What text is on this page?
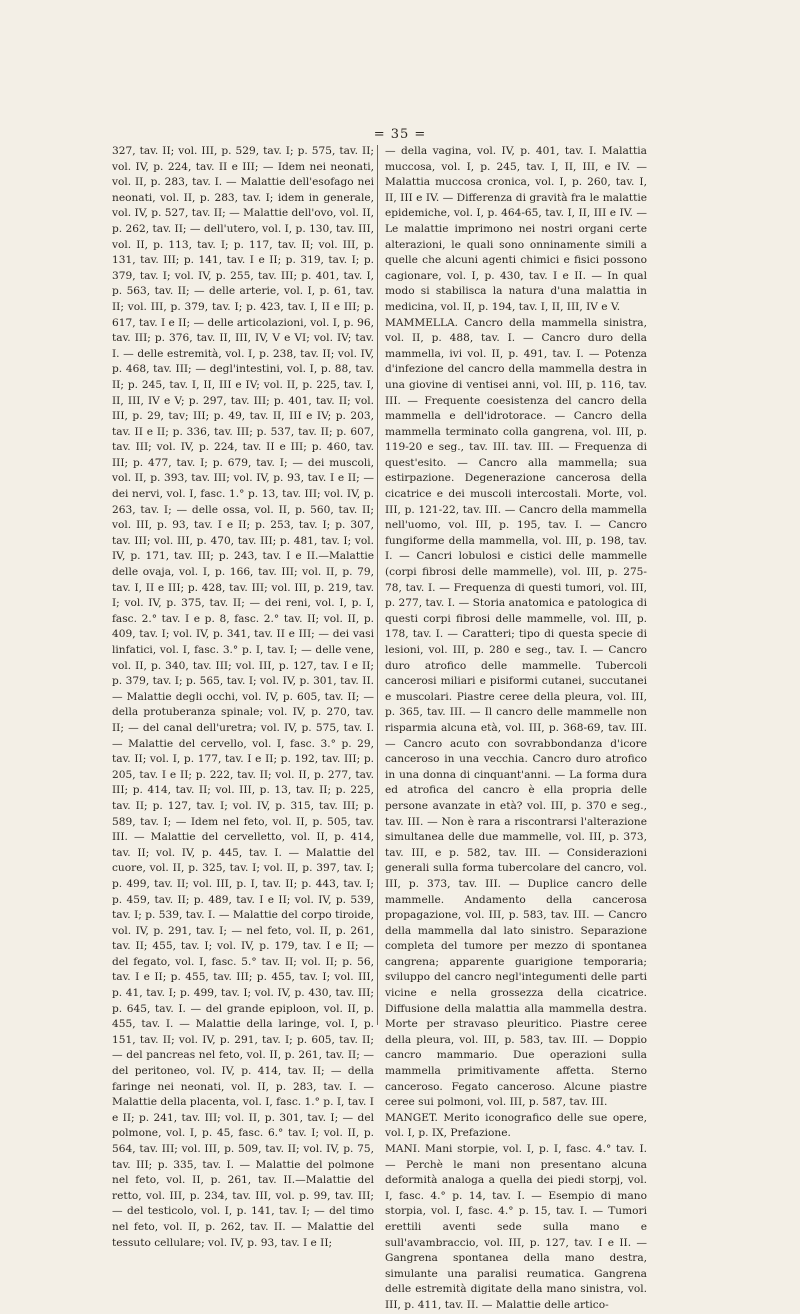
= 35 =

327, tav. II; vol. III, p. 529, tav. I; p. 575, tav. II; vol. IV, p. 224, tav. II e III; — Idem nei neonati, vol. II, p. 283, tav. I. — Malattie dell'esofago nei neonati, vol. II, p. 283, tav. I; idem in generale, vol. IV, p. 527, tav. II; — Malattie dell'ovo, vol. II, p. 262, tav. II; — dell'utero, vol. I, p. 130, tav. III, vol. II, p. 113, tav. I; p. 117, tav. II; vol. III, p. 131, tav. III; p. 141, tav. I e II; p. 319, tav. I; p. 379, tav. I; vol. IV, p. 255, tav. III; p. 401, tav. I, p. 563, tav. II; — delle arterie, vol. I, p. 61, tav. II; vol. III, p. 379, tav. I; p. 423, tav. I, II e III; p. 617, tav. I e II; — delle articolazioni, vol. I, p. 96, tav. III; p. 376, tav. II, III, IV, V e VI; vol. IV; tav. I. — delle estremità, vol. I, p. 238, tav. II; vol. IV, p. 468, tav. III; — degl'intestini, vol. I, p. 88, tav. II; p. 245, tav. I, II, III e IV; vol. II, p. 225, tav. I, II, III, IV e V; p. 297, tav. III; p. 401, tav. II; vol. III, p. 29, tav; III; p. 49, tav. II, III e IV; p. 203, tav. II e II; p. 336, tav. III; p. 537, tav. II; p. 607, tav. III; vol. IV, p. 224, tav. II e III; p. 460, tav. III; p. 477, tav. I; p. 679, tav. I; — dei muscoli, vol. II, p. 393, tav. III; vol. IV, p. 93, tav. I e II; — dei nervi, vol. I, fasc. 1.° p. 13, tav. III; vol. IV, p. 263, tav. I; — delle ossa, vol. II, p. 560, tav. II; vol. III, p. 93, tav. I e II; p. 253, tav. I; p. 307, tav. III; vol. III, p. 470, tav. III; p. 481, tav. I; vol. IV, p. 171, tav. III; p. 243, tav. I e II.—Malattie delle ovaja, vol. I, p. 166, tav. III; vol. II, p. 79, tav. I, II e III; p. 428, tav. III; vol. III, p. 219, tav. I; vol. IV, p. 375, tav. II; — dei reni, vol. I, p. I, fasc. 2.° tav. I e p. 8, fasc. 2.° tav. II; vol. II, p. 409, tav. I; vol. IV, p. 341, tav. II e III; — dei vasi linfatici, vol. I, fasc. 3.° p. I, tav. I; — delle vene, vol. II, p. 340, tav. III; vol. III, p. 127, tav. I e II; p. 379, tav. I; p. 565, tav. I; vol. IV, p. 301, tav. II. — Malattie degli occhi, vol. IV, p. 605, tav. II; — della protuberanza spinale; vol. IV, p. 270, tav. II; — del canal dell'uretra; vol. IV, p. 575, tav. I. — Malattie del cervello, vol. I, fasc. 3.° p. 29, tav. II; vol. I, p. 177, tav. I e II; p. 192, tav. III; p. 205, tav. I e II; p. 222, tav. II; vol. II, p. 277, tav. III; p. 414, tav. II; vol. III, p. 13, tav. II; p. 225, tav. II; p. 127, tav. I; vol. IV, p. 315, tav. III; p. 589, tav. I; — Idem nel feto, vol. II, p. 505, tav. III. — Malattie del cervelletto, vol. II, p. 414, tav. II; vol. IV, p. 445, tav. I. — Malattie del cuore, vol. II, p. 325, tav. I; vol. II, p. 397, tav. I; p. 499, tav. II; vol. III, p. I, tav. II; p. 443, tav. I; p. 459, tav. II; p. 489, tav. I e II; vol. IV, p. 539, tav. I; p. 539, tav. I. — Malattie del corpo tiroide, vol. IV, p. 291, tav. I; — nel feto, vol. II, p. 261, tav. II; 455, tav. I; vol. IV, p. 179, tav. I e II; — del fegato, vol. I, fasc. 5.° tav. II; vol. II; p. 56, tav. I e II; p. 455, tav. III; p. 455, tav. I; vol. III, p. 41, tav. I; p. 499, tav. I; vol. IV, p. 430, tav. III; p. 645, tav. I. — del grande epiploon, vol. II, p. 455, tav. I. — Malattie della laringe, vol. I, p. 151, tav. II; vol. IV, p. 291, tav. I; p. 605, tav. II; — del pancreas nel feto, vol. II, p. 261, tav. II; — del peritoneo, vol. IV, p. 414, tav. II; — della faringe nei neonati, vol. II, p. 283, tav. I. — Malattie della placenta, vol. I, fasc. 1.° p. I, tav. I e II; p. 241, tav. III; vol. II, p. 301, tav. I; — del polmone, vol. I, p. 45, fasc. 6.° tav. I; vol. II, p. 564, tav. III; vol. III, p. 509, tav. II; vol. IV, p. 75, tav. III; p. 335, tav. I. — Malattie del polmone nel feto, vol. II, p. 261, tav. II.—Malattie del retto, vol. III, p. 234, tav. III, vol. p. 99, tav. III; — del testicolo, vol. I, p. 141, tav. I; — del timo nel feto, vol. II, p. 262, tav. II. — Malattie del tessuto cellulare; vol. IV, p. 93, tav. I e II;

— della vagina, vol. IV, p. 401, tav. I. Malattia muccosa, vol. I, p. 245, tav. I, II, III, e IV. — Malattia muccosa cronica, vol. I, p. 260, tav. I, II, III e IV. — Differenza di gravità fra le malattie epidemiche, vol. I, p. 464-65, tav. I, II, III e IV. — Le malattie imprimono nei nostri organi certe alterazioni, le quali sono onninamente simili a quelle che alcuni agenti chimici e fisici possono cagionare, vol. I, p. 430, tav. I e II. — In qual modo si stabilisca la natura d'una malattia in medicina, vol. II, p. 194, tav. I, II, III, IV e V.

MAMMELLA. Cancro della mammella sinistra, vol. II, p. 488, tav. I. — Cancro duro della mammella, ivi vol. II, p. 491, tav. I. — Potenza d'infezione del cancro della mammella destra in una giovine di ventisei anni, vol. III, p. 116, tav. III. — Frequente coesistenza del cancro della mammella e dell'idrotorace. — Cancro della mammella terminato colla gangrena, vol. III, p. 119-20 e seg., tav. III. tav. III. — Frequenza di quest'esito. — Cancro alla mammella; sua estirpazione. Degenerazione cancerosa della cicatrice e dei muscoli intercostali. Morte, vol. III, p. 121-22, tav. III. — Cancro della mammella nell'uomo, vol. III, p. 195, tav. I. — Cancro fungiforme della mammella, vol. III, p. 198, tav. I. — Cancri lobulosi e cistici delle mammelle (corpi fibrosi delle mammelle), vol. III, p. 275-78, tav. I. — Frequenza di questi tumori, vol. III, p. 277, tav. I. — Storia anatomica e patologica di questi corpi fibrosi delle mammelle, vol. III, p. 178, tav. I. — Caratteri; tipo di questa specie di lesioni, vol. III, p. 280 e seg., tav. I. — Cancro duro atrofico delle mammelle. Tubercoli cancerosi miliari e pisiformi cutanei, succutanei e muscolari. Piastre ceree della pleura, vol. III, p. 365, tav. III. — Il cancro delle mammelle non risparmia alcuna età, vol. III, p. 368-69, tav. III. — Cancro acuto con sovrabbondanza d'icore canceroso in una vecchia. Cancro duro atrofico in una donna di cinquant'anni. — La forma dura ed atrofica del cancro è ella propria delle persone avanzate in età? vol. III, p. 370 e seg., tav. III. — Non è rara a riscontrarsi l'alterazione simultanea delle due mammelle, vol. III, p. 373, tav. III, e p. 582, tav. III. — Considerazioni generali sulla forma tubercolare del cancro, vol. III, p. 373, tav. III. — Duplice cancro delle mammelle. Andamento della cancerosa propagazione, vol. III, p. 583, tav. III. — Cancro della mammella dal lato sinistro. Separazione completa del tumore per mezzo di spontanea cangrena; apparente guarigione temporaria; sviluppo del cancro negl'integumenti delle parti vicine e nella grossezza della cicatrice. Diffusione della malattia alla mammella destra. Morte per stravaso pleuritico. Piastre ceree della pleura, vol. III, p. 583, tav. III. — Doppio cancro mammario. Due operazioni sulla mammella primitivamente affetta. Sterno canceroso. Fegato canceroso. Alcune piastre ceree sui polmoni, vol. III, p. 587, tav. III.

MANGET. Merito iconografico delle sue opere, vol. I, p. IX, Prefazione.

MANI. Mani storpie, vol. I, p. I, fasc. 4.° tav. I. — Perchè le mani non presentano alcuna deformità analoga a quella dei piedi storpj, vol. I, fasc. 4.° p. 14, tav. I. — Esempio di mano storpia, vol. I, fasc. 4.° p. 15, tav. I. — Tumori erettili aventi sede sulla mano e sull'avambraccio, vol. III, p. 127, tav. I e II. — Gangrena spontanea della mano destra, simulante una paralisi reumatica. Gangrena delle estremità digitate della mano sinistra, vol. III, p. 411, tav. II. — Malattie delle artico-
